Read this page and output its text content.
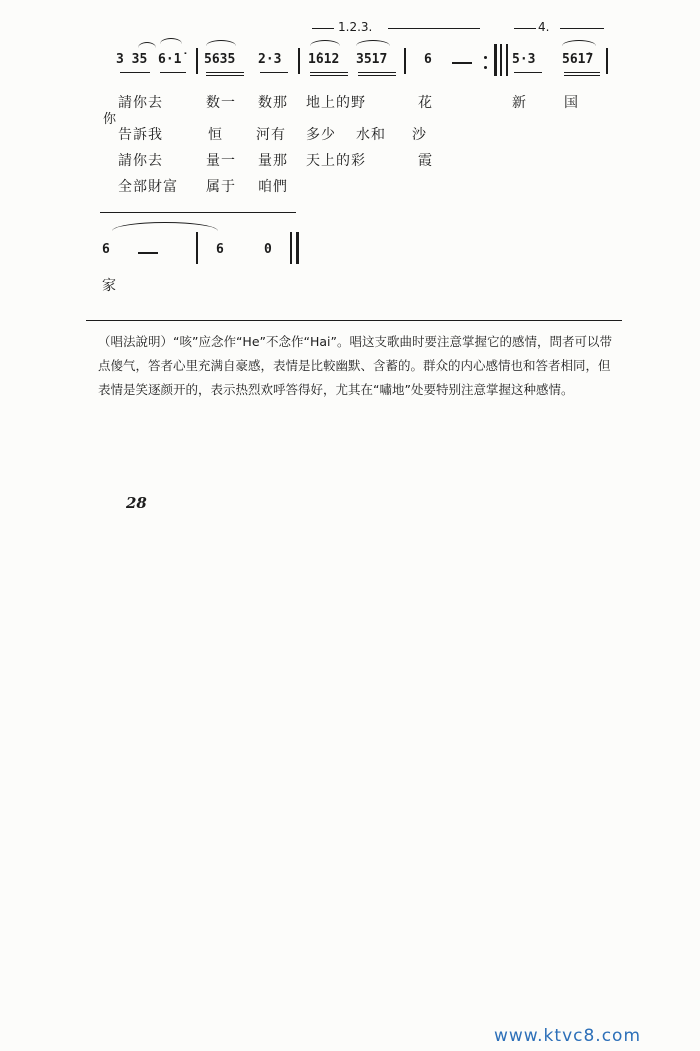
1.2.3.	4.
3 35 6·1̇ 5635 2·3 1̇612 3517	6	5·3 561̇7
請你去	数一 数那 地上的野	花	新	国
你
告訴我	恒 河有 多少 水和 沙
請你去	量一 量那 天上的彩	霞
全部財富 属于 咱們
6	6	0
家
（唱法說明）“咳”应念作“He”不念作“Hai”。唱这支歌曲时要注意掌握它的感情，問者可以带点傻气，答者心里充满自豪感，表情是比較幽默、含蓄的。群众的内心感情也和答者相同，但表情是笑逐颜开的，表示热烈欢呼答得好，尤其在“嘯地”处要特别注意掌握这种感情。
28
www.ktvc8.com
